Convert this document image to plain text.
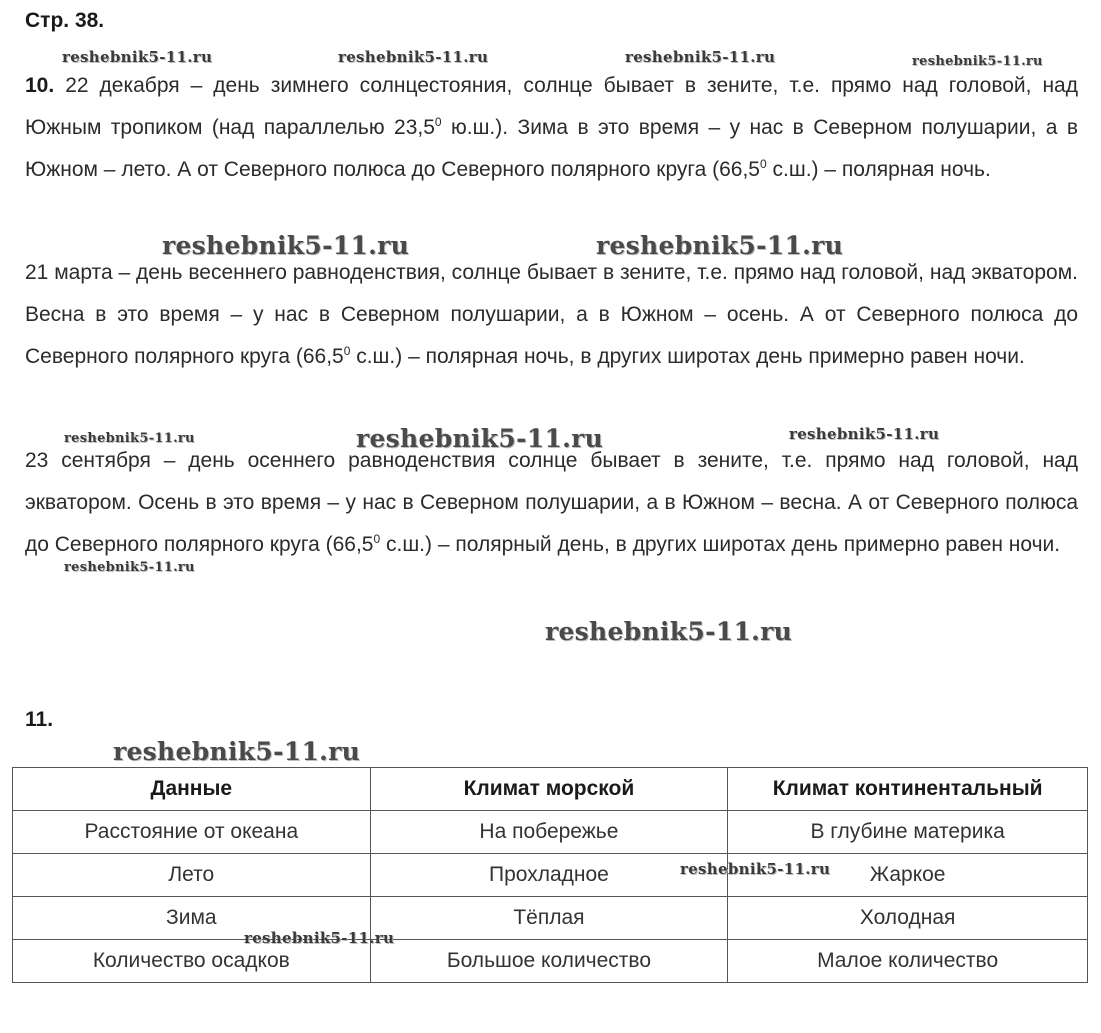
Стр. 38.

10. 22 декабря – день зимнего солнцестояния, солнце бывает в зените, т.е. прямо над головой, над Южным тропиком (над параллелью 23,5$^0$ ю.ш.). Зима в это время – у нас в Северном полушарии, а в Южном – лето. А от Северного полюса до Северного полярного круга (66,5$^0$ с.ш.) – полярная ночь.

21 марта – день весеннего равноденствия, солнце бывает в зените, т.е. прямо над головой, над экватором. Весна в это время – у нас в Северном полушарии, а в Южном – осень. А от Северного полюса до Северного полярного круга (66,5$^0$ с.ш.) – полярная ночь, в других широтах день примерно равен ночи.

23 сентября – день осеннего равноденствия солнце бывает в зените, т.е. прямо над головой, над экватором. Осень в это время – у нас в Северном полушарии, а в Южном – весна. А от Северного полюса до Северного полярного круга (66,5$^0$ с.ш.) – полярный день, в других широтах день примерно равен ночи.

11.
Данные	Климат морской	Климат континентальный
Расстояние от океана	На побережье	В глубине материка
Лето	Прохладное	Жаркое
Зима	Тёплая	Холодная
Количество осадков	Большое количество	Малое количество
reshebnik5-11.ru	reshebnik5-11.ru	reshebnik5-11.ru	reshebnik5-11.ru
reshebnik5-11.ru	reshebnik5-11.ru
reshebnik5-11.ru	reshebnik5-11.ru	reshebnik5-11.ru
reshebnik5-11.ru
reshebnik5-11.ru
reshebnik5-11.ru
reshebnik5-11.ru
reshebnik5-11.ru
